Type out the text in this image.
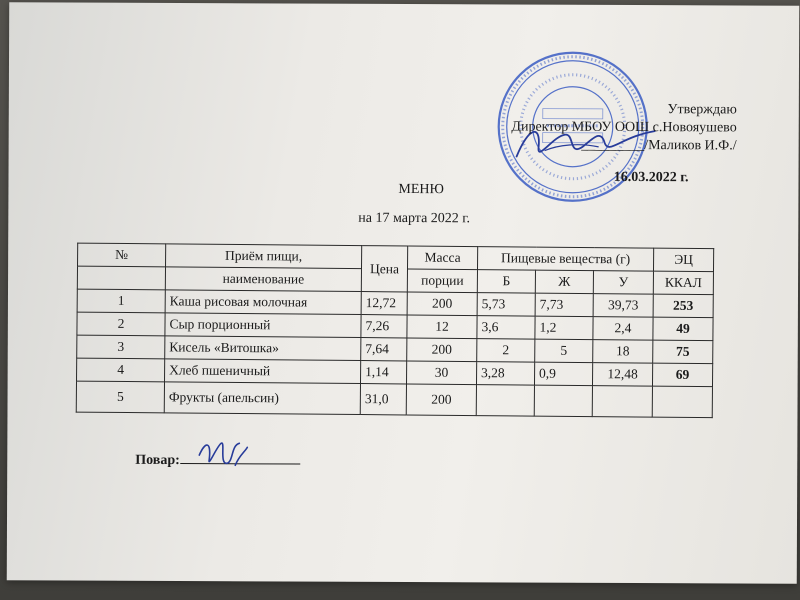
Утверждаю
Директор МБОУ ООШ с.Новояушево
_________/Маликов И.Ф./
16.03.2022 г.
МЕНЮ
на 17 марта 2022 г.
№	Приём пищи,	Цена	Масса	Пищевые вещества (г)			ЭЦ
	наименование		порции	Б	Ж	У	ККАЛ
1	Каша рисовая молочная	12,72	200	5,73	7,73	39,73	253
2	Сыр порционный	7,26	12	3,6	1,2	2,4	49
3	Кисель «Витошка»	7,64	200	2	5	18	75
4	Хлеб пшеничный	1,14	30	3,28	0,9	12,48	69
5	Фрукты (апельсин)	31,0	200				
Повар:
